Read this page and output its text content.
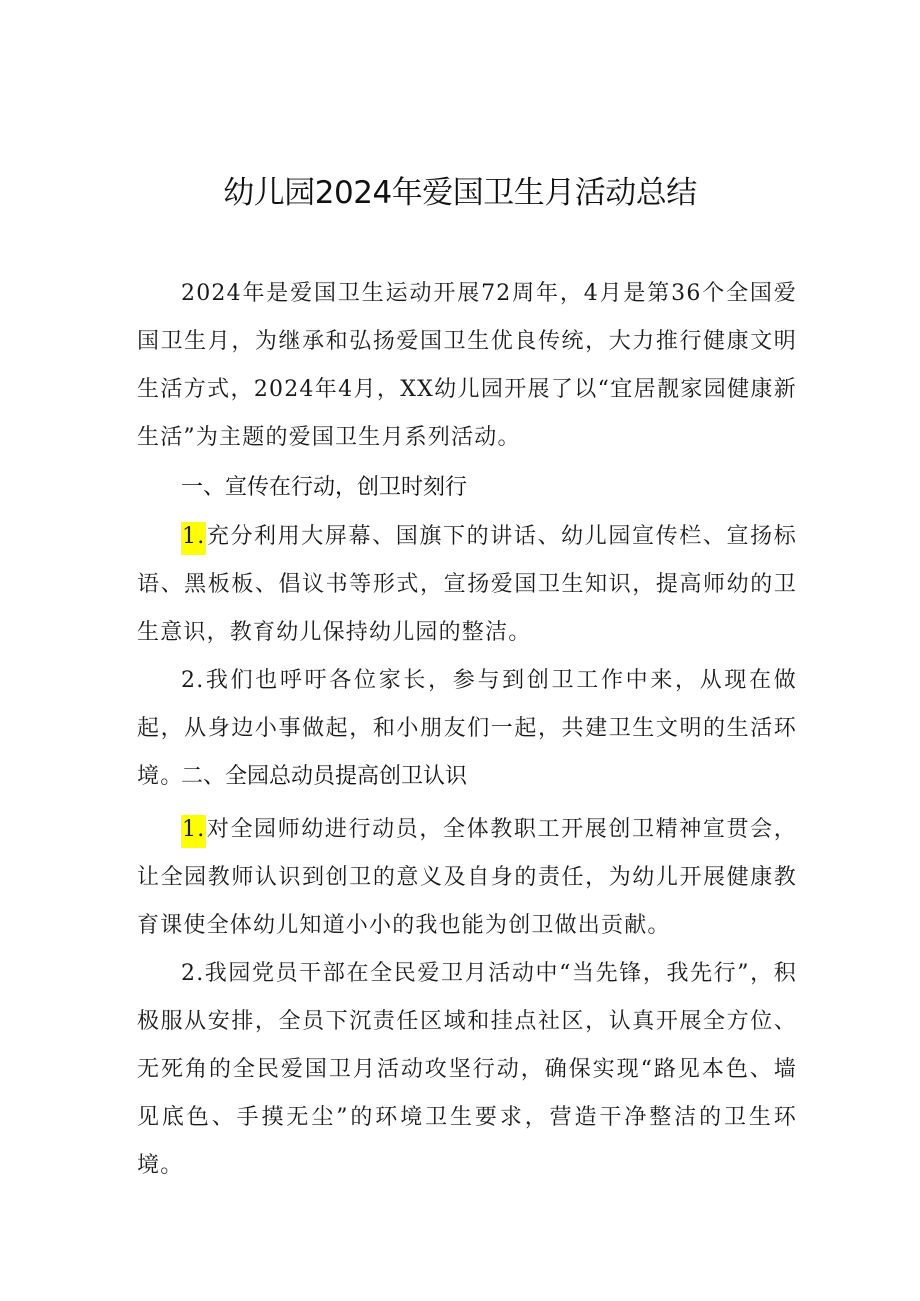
幼儿园2024年爱国卫生月活动总结

2024年是爱国卫生运动开展72周年，4月是第36个全国爱国卫生月，为继承和弘扬爱国卫生优良传统，大力推行健康文明生活方式，2024年4月，XX幼儿园开展了以“宜居靓家园健康新生活”为主题的爱国卫生月系列活动。

一、宣传在行动，创卫时刻行

1.充分利用大屏幕、国旗下的讲话、幼儿园宣传栏、宣扬标语、黑板板、倡议书等形式，宣扬爱国卫生知识，提高师幼的卫生意识，教育幼儿保持幼儿园的整洁。

2.我们也呼吁各位家长，参与到创卫工作中来，从现在做起，从身边小事做起，和小朋友们一起，共建卫生文明的生活环境。

二、全园总动员提高创卫认识

1.对全园师幼进行动员，全体教职工开展创卫精神宣贯会，让全园教师认识到创卫的意义及自身的责任，为幼儿开展健康教育课使全体幼儿知道小小的我也能为创卫做出贡献。

2.我园党员干部在全民爱卫月活动中“当先锋，我先行”，积极服从安排，全员下沉责任区域和挂点社区，认真开展全方位、无死角的全民爱国卫月活动攻坚行动，确保实现“路见本色、墙见底色、手摸无尘”的环境卫生要求，营造干净整洁的卫生环境。
